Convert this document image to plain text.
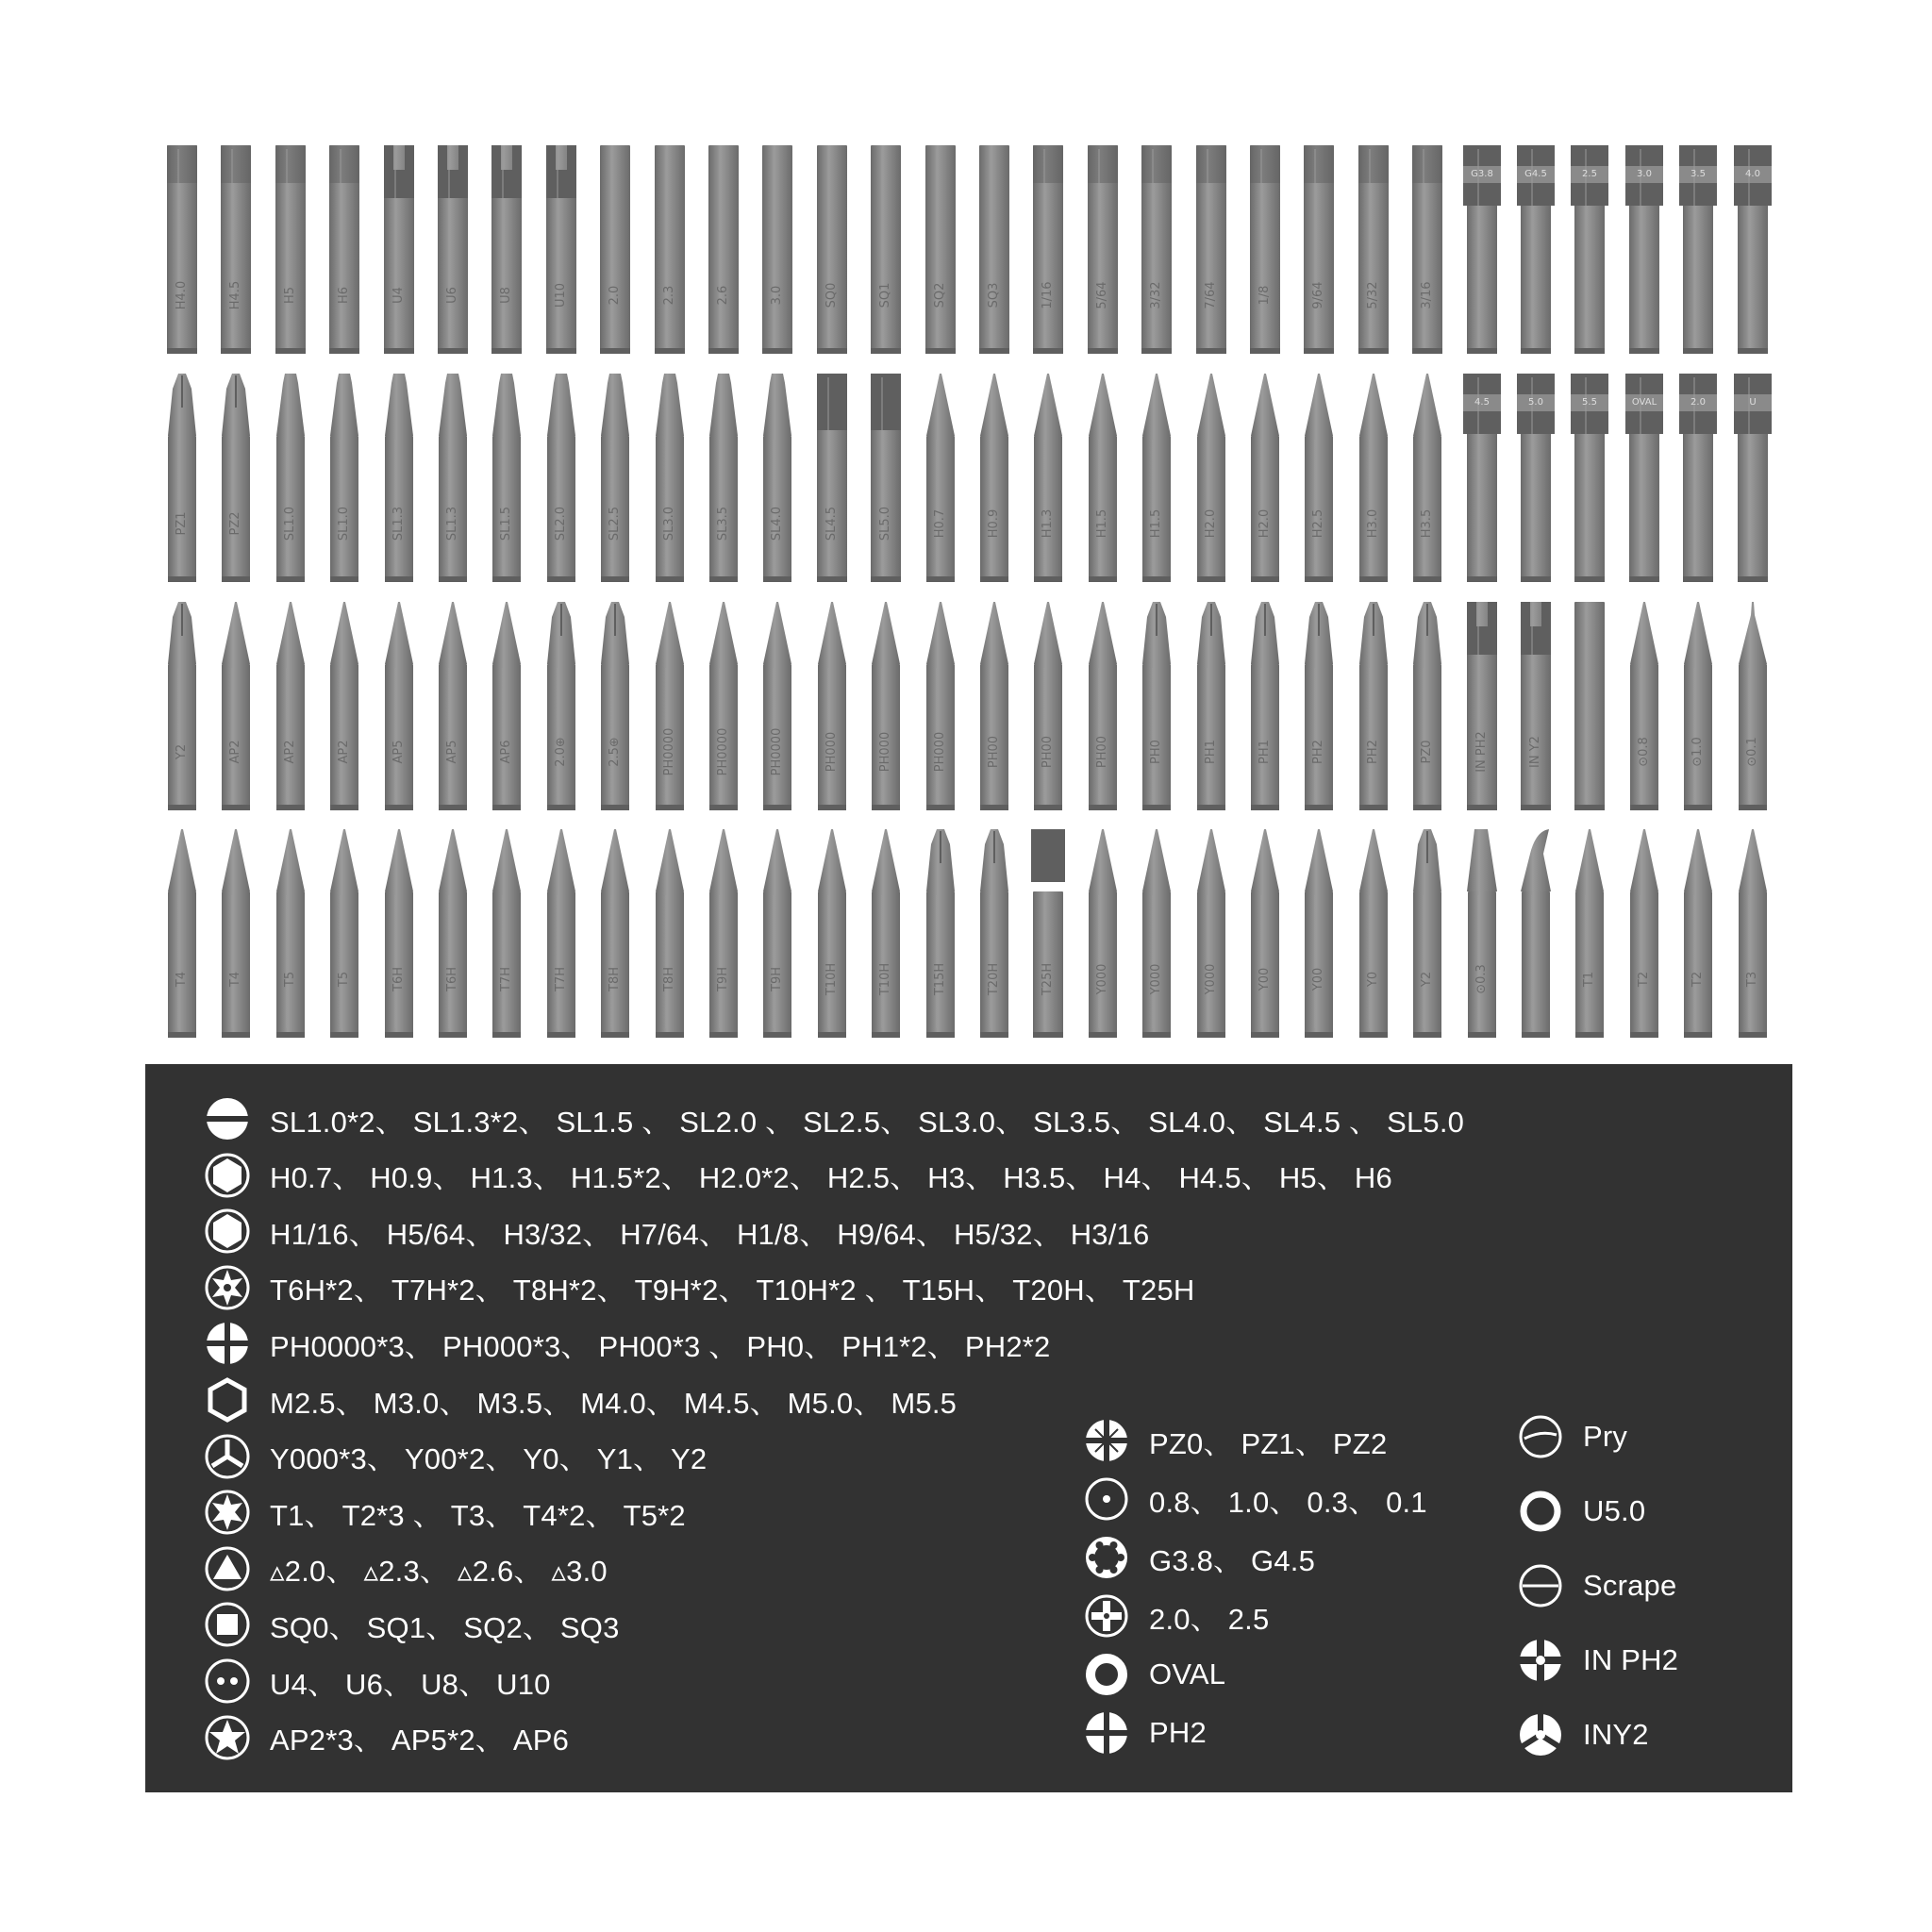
H4.0	H4.5	H5	H6	U4	U6	U8	U10	2.0	2.3	2.6	3.0	SQ0	SQ1	SQ2	SQ3	1/16	5/64	3/32	7/64	1/8	9/64	5/32	3/16
G3.8	G4.5	2.5	3.0	3.5	4.0
PZ1	PZ2	SL1.0	SL1.0	SL1.3	SL1.3	SL1.5	SL2.0	SL2.5	SL3.0	SL3.5	SL4.0	SL4.5	SL5.0	H0.7	H0.9	H1.3	H1.5	H1.5	H2.0	H2.0	H2.5	H3.0	H3.5
4.5	5.0	5.5	OVAL	2.0	U
Y2	AP2	AP2	AP2	AP5	AP5	AP6	2.0⊕	2.5⊕	PH0000	PH0000	PH0000	PH000	PH000	PH000	PH00	PH00	PH00	PH0	PH1	PH1	PH2	PH2	PZ0	IN PH2	IN Y2	⊙0.8	⊙1.0	⊙0.1
T4	T4	T5	T5	T6H	T6H	T7H	T7H	T8H	T8H	T9H	T9H	T10H	T10H	T15H	T20H	T25H	Y000	Y000	Y000	Y00	Y00	Y0	Y2	⊙0.3	T1	T2	T2	T3
SL1.0*2、 SL1.3*2、 SL1.5 、 SL2.0 、 SL2.5、 SL3.0、 SL3.5、 SL4.0、 SL4.5 、 SL5.0
H0.7、 H0.9、 H1.3、 H1.5*2、 H2.0*2、 H2.5、 H3、 H3.5、 H4、 H4.5、 H5、 H6
H1/16、 H5/64、 H3/32、 H7/64、 H1/8、 H9/64、 H5/32、 H3/16
T6H*2、 T7H*2、 T8H*2、 T9H*2、 T10H*2 、 T15H、 T20H、 T25H
PH0000*3、 PH000*3、 PH00*3 、 PH0、 PH1*2、 PH2*2
M2.5、 M3.0、 M3.5、 M4.0、 M4.5、 M5.0、 M5.5
Y000*3、 Y00*2、 Y0、 Y1、 Y2
T1、 T2*3 、 T3、 T4*2、 T5*2
▵2.0、 ▵2.3、 ▵2.6、 ▵3.0
SQ0、 SQ1、 SQ2、 SQ3
U4、 U6、 U8、 U10
AP2*3、 AP5*2、 AP6
PZ0、 PZ1、 PZ2
0.8、 1.0、 0.3、 0.1
G3.8、 G4.5
2.0、 2.5
OVAL
PH2
Pry
U5.0
Scrape
IN PH2
INY2
